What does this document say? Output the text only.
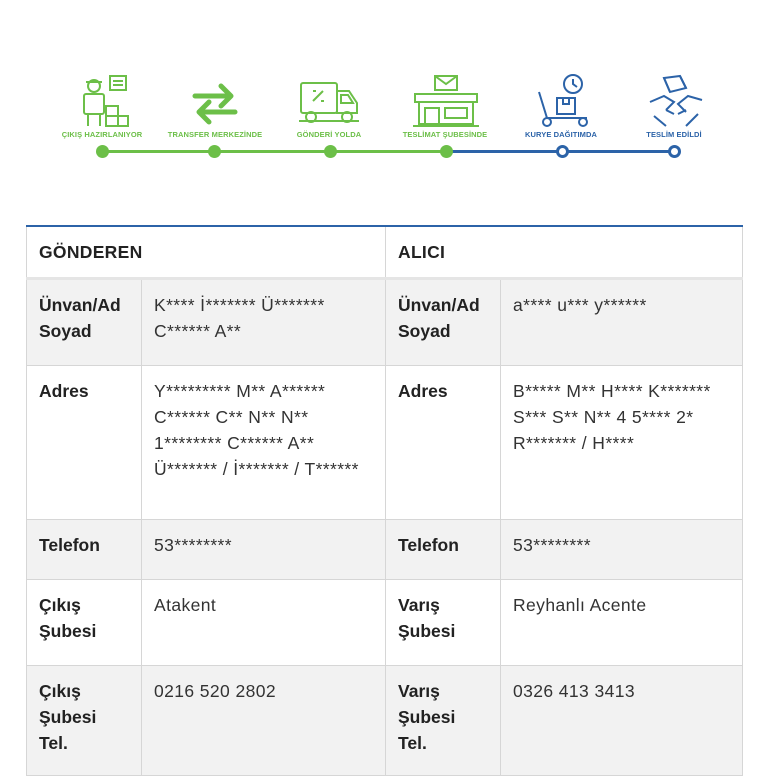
ÇIKIŞ HAZIRLANIYOR	TRANSFER MERKEZİNDE	GÖNDERİ YOLDA	TESLİMAT ŞUBESİNDE	KURYE DAĞITIMDA	TESLİM EDİLDİ
GÖNDEREN		ALICI	
Ünvan/Ad Soyad	K**** İ******* Ü******* C****** A**	Ünvan/Ad Soyad	a**** u*** y******
Adres	Y********* M** A****** C****** C** N** N** 1******** C****** A** Ü******* / İ******* / T******	Adres	B***** M** H**** K******* S*** S** N** 4 5**** 2* R******* / H****
Telefon	53********	Telefon	53********
Çıkış Şubesi	Atakent	Varış Şubesi	Reyhanlı Acente
Çıkış Şubesi Tel.	0216 520 2802	Varış Şubesi Tel.	0326 413 3413
